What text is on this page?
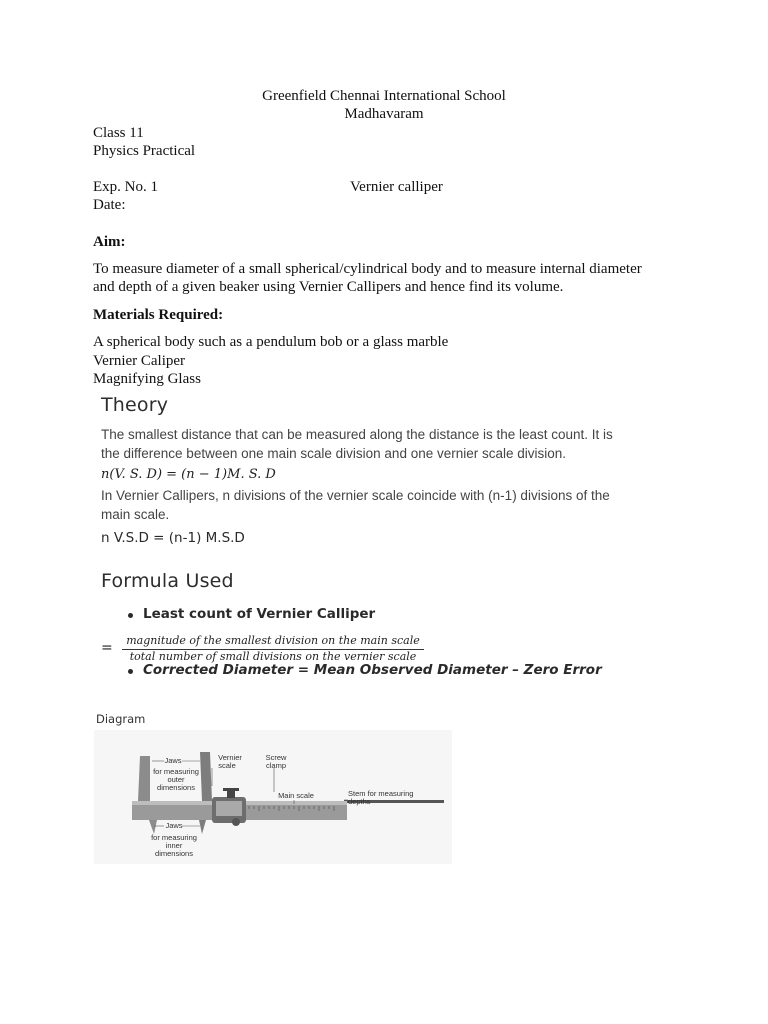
Greenfield Chennai International School
Madhavaram
Class 11
Physics Practical
Exp. No. 1	Vernier calliper
Date:
Aim:
To measure diameter of a small spherical/cylindrical body and to measure internal diameter
and depth of a given beaker using Vernier Callipers and hence find its volume.
Materials Required:
A spherical body such as a pendulum bob or a glass marble
Vernier Caliper
Magnifying Glass
Theory
The smallest distance that can be measured along the distance is the least count. It is
the difference between one main scale division and one vernier scale division.
n(V. S. D) = (n − 1)M. S. D
In Vernier Callipers, n divisions of the vernier scale coincide with (n-1) divisions of the
main scale.
n V.S.D = (n-1) M.S.D
Formula Used
Least count of Vernier Calliper
=	magnitude of the smallest division on the main scale
total number of small divisions on the vernier scale
Corrected Diameter = Mean Observed Diameter – Zero Error
Diagram
Jaws
for measuring
outer
dimensions
Vernier
scale
Screw
clamp
Main scale	Stem for measuring
depths
Jaws
for measuring
inner
dimensions
